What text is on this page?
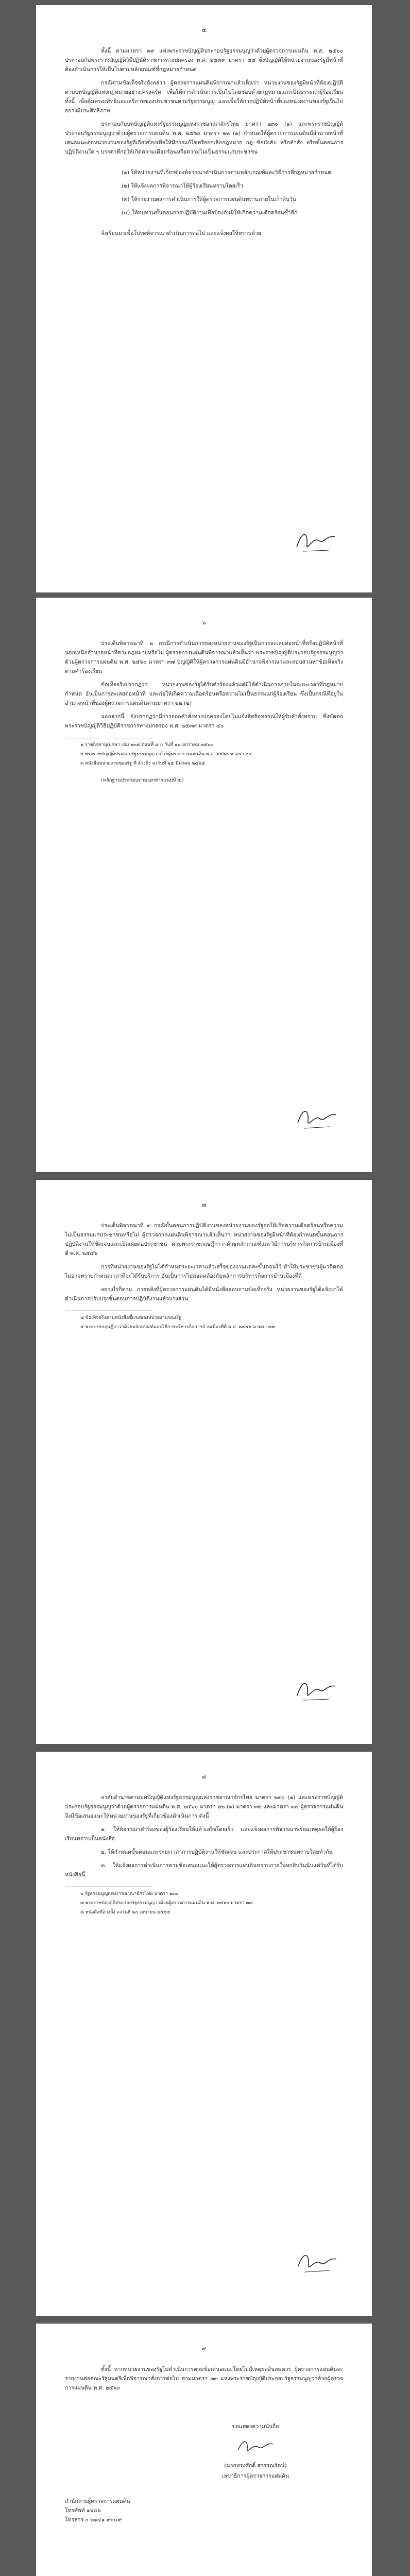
๕

ทั้งนี้ ตามมาตรา ๓๙ แห่งพระราชบัญญัติประกอบรัฐธรรมนูญว่าด้วยผู้ตรวจการแผ่นดิน พ.ศ. ๒๕๖๐ ประกอบกับพระราชบัญญัติวิธีปฏิบัติราชการทางปกครอง พ.ศ. ๒๕๓๙ มาตรา ๔๔ ซึ่งบัญญัติให้หน่วยงานของรัฐมีหน้าที่ต้องดำเนินการให้เป็นไปตามหลักเกณฑ์ที่กฎหมายกำหนด

กรณีตามข้อเท็จจริงดังกล่าว ผู้ตรวจการแผ่นดินพิจารณาแล้วเห็นว่า หน่วยงานของรัฐมีหน้าที่ต้องปฏิบัติตามบทบัญญัติแห่งกฎหมายอย่างเคร่งครัด เพื่อให้การดำเนินการเป็นไปโดยชอบด้วยกฎหมายและเป็นธรรมแก่ผู้ร้องเรียน ทั้งนี้ เพื่อคุ้มครองสิทธิและเสรีภาพของประชาชนตามรัฐธรรมนูญ และเพื่อให้การปฏิบัติหน้าที่ของหน่วยงานของรัฐเป็นไปอย่างมีประสิทธิภาพ

ประกอบกับบทบัญญัติแห่งรัฐธรรมนูญแห่งราชอาณาจักรไทย มาตรา ๒๓๐ (๑) และพระราชบัญญัติประกอบรัฐธรรมนูญว่าด้วยผู้ตรวจการแผ่นดิน พ.ศ. ๒๕๖๐ มาตรา ๒๒ (๑) กำหนดให้ผู้ตรวจการแผ่นดินมีอำนาจหน้าที่เสนอแนะต่อหน่วยงานของรัฐที่เกี่ยวข้องเพื่อให้มีการแก้ไขหรือยกเลิกกฎหมาย กฎ ข้อบังคับ หรือคำสั่ง หรือขั้นตอนการปฏิบัติงานใด ๆ บรรดาที่ก่อให้เกิดความเดือดร้อนหรือความไม่เป็นธรรมแก่ประชาชน

(๑) ให้หน่วยงานที่เกี่ยวข้องพิจารณาดำเนินการตามหลักเกณฑ์และวิธีการที่กฎหมายกำหนด

(๒) ให้แจ้งผลการพิจารณาให้ผู้ร้องเรียนทราบโดยเร็ว

(๓) ให้รายงานผลการดำเนินการให้ผู้ตรวจการแผ่นดินทราบภายในเก้าสิบวัน

(๔) ให้ทบทวนขั้นตอนการปฏิบัติงานเพื่อป้องกันมิให้เกิดความเดือดร้อนซ้ำอีก

จึงเรียนมาเพื่อโปรดพิจารณาดำเนินการต่อไป และแจ้งผลให้ทราบด้วย

๖

ประเด็นพิจารณาที่ ๒ กรณีการดำเนินการของหน่วยงานของรัฐเป็นการละเลยต่อหน้าที่หรือปฏิบัติหน้าที่นอกเหนืออำนาจหน้าที่ตามกฎหมายหรือไม่ ผู้ตรวจการแผ่นดินพิจารณาแล้วเห็นว่า พระราชบัญญัติประกอบรัฐธรรมนูญว่าด้วยผู้ตรวจการแผ่นดิน พ.ศ. ๒๕๖๐ มาตรา ๓๗ บัญญัติให้ผู้ตรวจการแผ่นดินมีอำนาจพิจารณาและสอบสวนหาข้อเท็จจริงตามคำร้องเรียน

ข้อเท็จจริงปรากฏว่า หน่วยงานของรัฐได้รับคำร้องแล้วแต่มิได้ดำเนินการภายในระยะเวลาที่กฎหมายกำหนด อันเป็นการละเลยต่อหน้าที่ และก่อให้เกิดความเดือดร้อนหรือความไม่เป็นธรรมแก่ผู้ร้องเรียน ซึ่งเป็นกรณีที่อยู่ในอำนาจหน้าที่ของผู้ตรวจการแผ่นดินตามมาตรา ๒๒ (๒)

นอกจากนี้ ยังปรากฏว่ามีการออกคำสั่งทางปกครองโดยไม่แจ้งสิทธิอุทธรณ์ให้ผู้รับคำสั่งทราบ ซึ่งขัดต่อพระราชบัญญัติวิธีปฏิบัติราชการทางปกครอง พ.ศ. ๒๕๓๙ มาตรา ๔๐

๑ ราชกิจจานุเบกษา เล่ม ๑๓๔ ตอนที่ ๘ ก วันที่ ๑๒ มกราคม ๒๕๖๐

๒ พระราชบัญญัติประกอบรัฐธรรมนูญว่าด้วยผู้ตรวจการแผ่นดิน พ.ศ. ๒๕๖๐ มาตรา ๒๒

๓ หนังสือหน่วยงานของรัฐ ที่ อ้างถึง ลงวันที่ ๑๕ มีนาคม ๒๕๖๕

(หลักฐานประกอบตามเอกสารแนบท้าย)

๗

ประเด็นพิจารณาที่ ๓ กรณีขั้นตอนการปฏิบัติงานของหน่วยงานของรัฐก่อให้เกิดความเดือดร้อนหรือความไม่เป็นธรรมแก่ประชาชนหรือไม่ ผู้ตรวจการแผ่นดินพิจารณาแล้วเห็นว่า หน่วยงานของรัฐมีหน้าที่ต้องกำหนดขั้นตอนการปฏิบัติงานให้ชัดเจนและเปิดเผยต่อประชาชน ตามพระราชกฤษฎีกาว่าด้วยหลักเกณฑ์และวิธีการบริหารกิจการบ้านเมืองที่ดี พ.ศ. ๒๕๔๖

การที่หน่วยงานของรัฐไม่ได้กำหนดระยะเวลาแล้วเสร็จของงานแต่ละขั้นตอนไว้ ทำให้ประชาชนผู้มาติดต่อไม่อาจทราบกำหนดเวลาที่จะได้รับบริการ อันเป็นการไม่สอดคล้องกับหลักการบริหารกิจการบ้านเมืองที่ดี

อย่างไรก็ตาม ภายหลังที่ผู้ตรวจการแผ่นดินได้มีหนังสือสอบถามข้อเท็จจริง หน่วยงานของรัฐได้แจ้งว่าได้ดำเนินการปรับปรุงขั้นตอนการปฏิบัติงานแล้วบางส่วน

๔ ข้อเท็จจริงตามหนังสือชี้แจงของหน่วยงานของรัฐ

๕ พระราชกฤษฎีกาว่าด้วยหลักเกณฑ์และวิธีการบริหารกิจการบ้านเมืองที่ดี พ.ศ. ๒๕๔๖ มาตรา ๓๗

๘

อาศัยอำนาจตามบทบัญญัติแห่งรัฐธรรมนูญแห่งราชอาณาจักรไทย มาตรา ๒๓๐ (๑) และพระราชบัญญัติประกอบรัฐธรรมนูญว่าด้วยผู้ตรวจการแผ่นดิน พ.ศ. ๒๕๖๐ มาตรา ๒๒ (๑) มาตรา ๓๒ และมาตรา ๓๗ ผู้ตรวจการแผ่นดินจึงมีข้อเสนอแนะให้หน่วยงานของรัฐที่เกี่ยวข้องดำเนินการ ดังนี้

๑. ให้พิจารณาคำร้องของผู้ร้องเรียนให้แล้วเสร็จโดยเร็ว และแจ้งผลการพิจารณาพร้อมเหตุผลให้ผู้ร้องเรียนทราบเป็นหนังสือ

๒. ให้กำหนดขั้นตอนและระยะเวลาการปฏิบัติงานให้ชัดเจน และประกาศให้ประชาชนทราบโดยทั่วกัน

๓. ให้แจ้งผลการดำเนินการตามข้อเสนอแนะให้ผู้ตรวจการแผ่นดินทราบภายในหกสิบวันนับแต่วันที่ได้รับหนังสือนี้

๖ รัฐธรรมนูญแห่งราชอาณาจักรไทย มาตรา ๒๓๐

๗ พระราชบัญญัติประกอบรัฐธรรมนูญว่าด้วยผู้ตรวจการแผ่นดิน พ.ศ. ๒๕๖๐ มาตรา ๓๗

๘ หนังสือที่อ้างถึง ลงวันที่ ๒๐ เมษายน ๒๕๖๕

๙

ทั้งนี้ หากหน่วยงานของรัฐไม่ดำเนินการตามข้อเสนอแนะโดยไม่มีเหตุผลอันสมควร ผู้ตรวจการแผ่นดินจะรายงานต่อคณะรัฐมนตรีเพื่อพิจารณาสั่งการต่อไป ตามมาตรา ๓๓ แห่งพระราชบัญญัติประกอบรัฐธรรมนูญว่าด้วยผู้ตรวจการแผ่นดิน พ.ศ. ๒๕๖๐

ขอแสดงความนับถือ
(นายทรงศักดิ์ สุวรรณรัตน์)
เลขาธิการผู้ตรวจการแผ่นดิน
สำนักงานผู้ตรวจการแผ่นดิน
โทรศัพท์ ๑๖๗๖
โทรสาร ๐ ๒๑๔๑ ๙๐๔๙
